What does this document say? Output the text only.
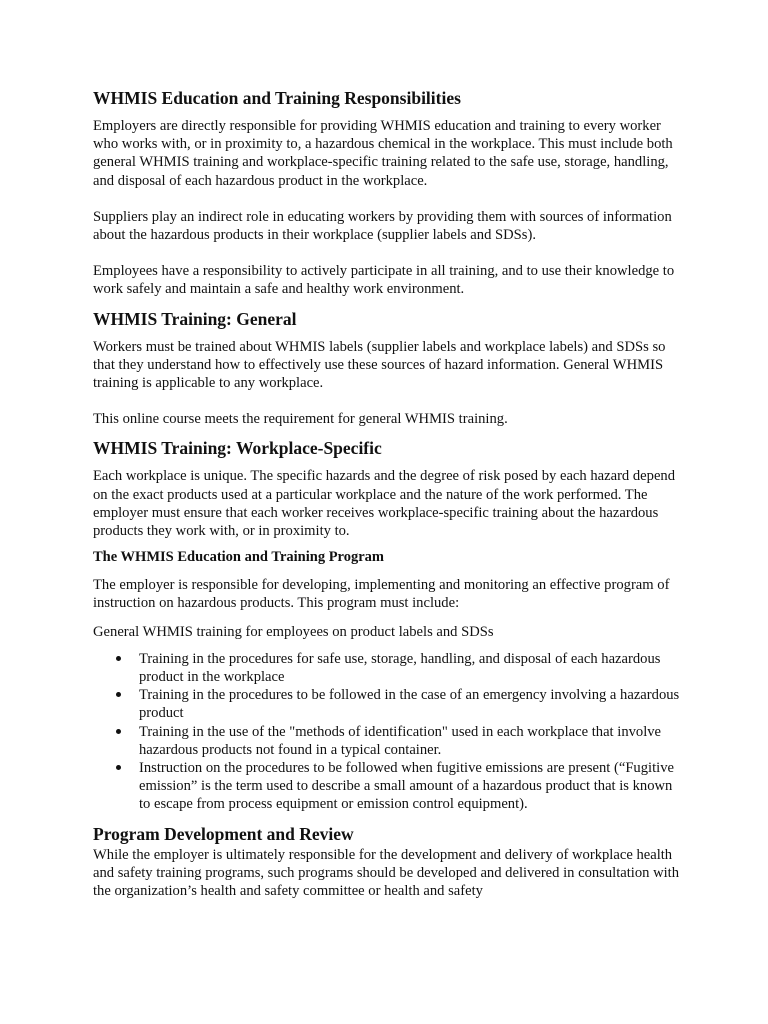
WHMIS Education and Training Responsibilities

Employers are directly responsible for providing WHMIS education and training to every worker who works with, or in proximity to, a hazardous chemical in the workplace. This must include both general WHMIS training and workplace-specific training related to the safe use, storage, handling, and disposal of each hazardous product in the workplace.

Suppliers play an indirect role in educating workers by providing them with sources of information about the hazardous products in their workplace (supplier labels and SDSs).

Employees have a responsibility to actively participate in all training, and to use their knowledge to work safely and maintain a safe and healthy work environment.

WHMIS Training: General

Workers must be trained about WHMIS labels (supplier labels and workplace labels) and SDSs so that they understand how to effectively use these sources of hazard information. General WHMIS training is applicable to any workplace.

This online course meets the requirement for general WHMIS training.

WHMIS Training: Workplace-Specific

Each workplace is unique. The specific hazards and the degree of risk posed by each hazard depend on the exact products used at a particular workplace and the nature of the work performed. The employer must ensure that each worker receives workplace-specific training about the hazardous products they work with, or in proximity to.

The WHMIS Education and Training Program

The employer is responsible for developing, implementing and monitoring an effective program of instruction on hazardous products. This program must include:

General WHMIS training for employees on product labels and SDSs

Training in the procedures for safe use, storage, handling, and disposal of each hazardous product in the workplace
Training in the procedures to be followed in the case of an emergency involving a hazardous product
Training in the use of the "methods of identification" used in each workplace that involve hazardous products not found in a typical container.
Instruction on the procedures to be followed when fugitive emissions are present (“Fugitive emission” is the term used to describe a small amount of a hazardous product that is known to escape from process equipment or emission control equipment).
Program Development and Review

While the employer is ultimately responsible for the development and delivery of workplace health and safety training programs, such programs should be developed and delivered in consultation with the organization’s health and safety committee or health and safety
